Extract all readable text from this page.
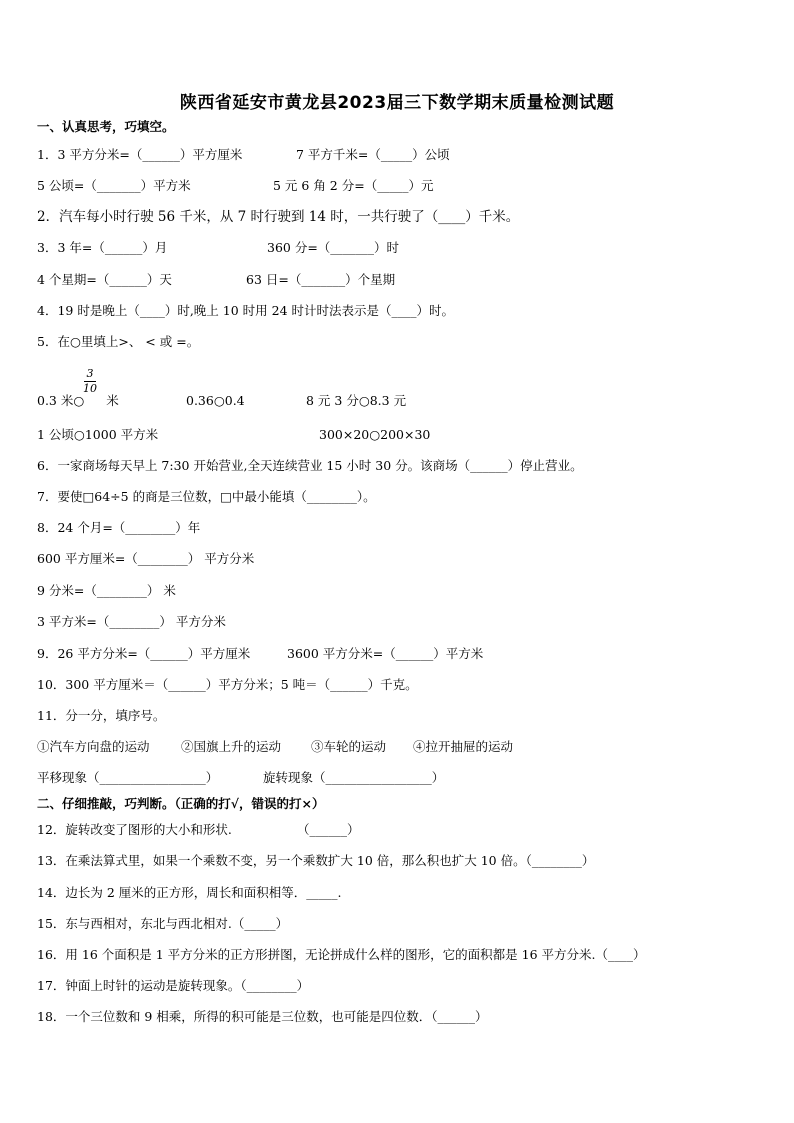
陕西省延安市黄龙县2023届三下数学期末质量检测试题
一、认真思考，巧填空。
1．3 平方分米=（______）平方厘米	7 平方千米=（_____）公顷
5 公顷=（_______）平方米	5 元 6 角 2 分=（_____）元
2．汽车每小时行驶 56 千米，从 7 时行驶到 14 时，一共行驶了（____）千米。
3．3 年=（______）月	360 分=（_______）时
4 个星期=（______）天	63 日=（_______）个星期
4．19 时是晚上（____）时,晚上 10 时用 24 时计时法表示是（____）时。
5．在○里填上>、 < 或 =。
0.3 米○ 米
3
10
0.36○0.4	8 元 3 分○8.3 元
1 公顷○1000 平方米	300×20○200×30
6．一家商场每天早上 7:30 开始营业,全天连续营业 15 小时 30 分。该商场（______）停止营业。
7．要使□64÷5 的商是三位数，□中最小能填（________）。
8．24 个月=（________）年
600 平方厘米=（________） 平方分米
9 分米=（________） 米
3 平方米=（________） 平方分米
9．26 平方分米=（______）平方厘米	3600 平方分米=（______）平方米
10．300 平方厘米＝（______）平方分米；5 吨＝（______）千克。
11．分一分，填序号。
①汽车方向盘的运动	②国旗上升的运动 ③车轮的运动 ④拉开抽屉的运动
平移现象（_________________）	旋转现象（_________________）
二、仔细推敲，巧判断。（正确的打√，错误的打×）
12．旋转改变了图形的大小和形状.	（______）
13．在乘法算式里，如果一个乘数不变，另一个乘数扩大 10 倍，那么积也扩大 10 倍。（________）
14．边长为 2 厘米的正方形，周长和面积相等．_____.
15．东与西相对，东北与西北相对.（_____）
16．用 16 个面积是 1 平方分米的正方形拼图，无论拼成什么样的图形，它的面积都是 16 平方分米.（____）
17．钟面上时针的运动是旋转现象。（________）
18．一个三位数和 9 相乘，所得的积可能是三位数，也可能是四位数．（______）
